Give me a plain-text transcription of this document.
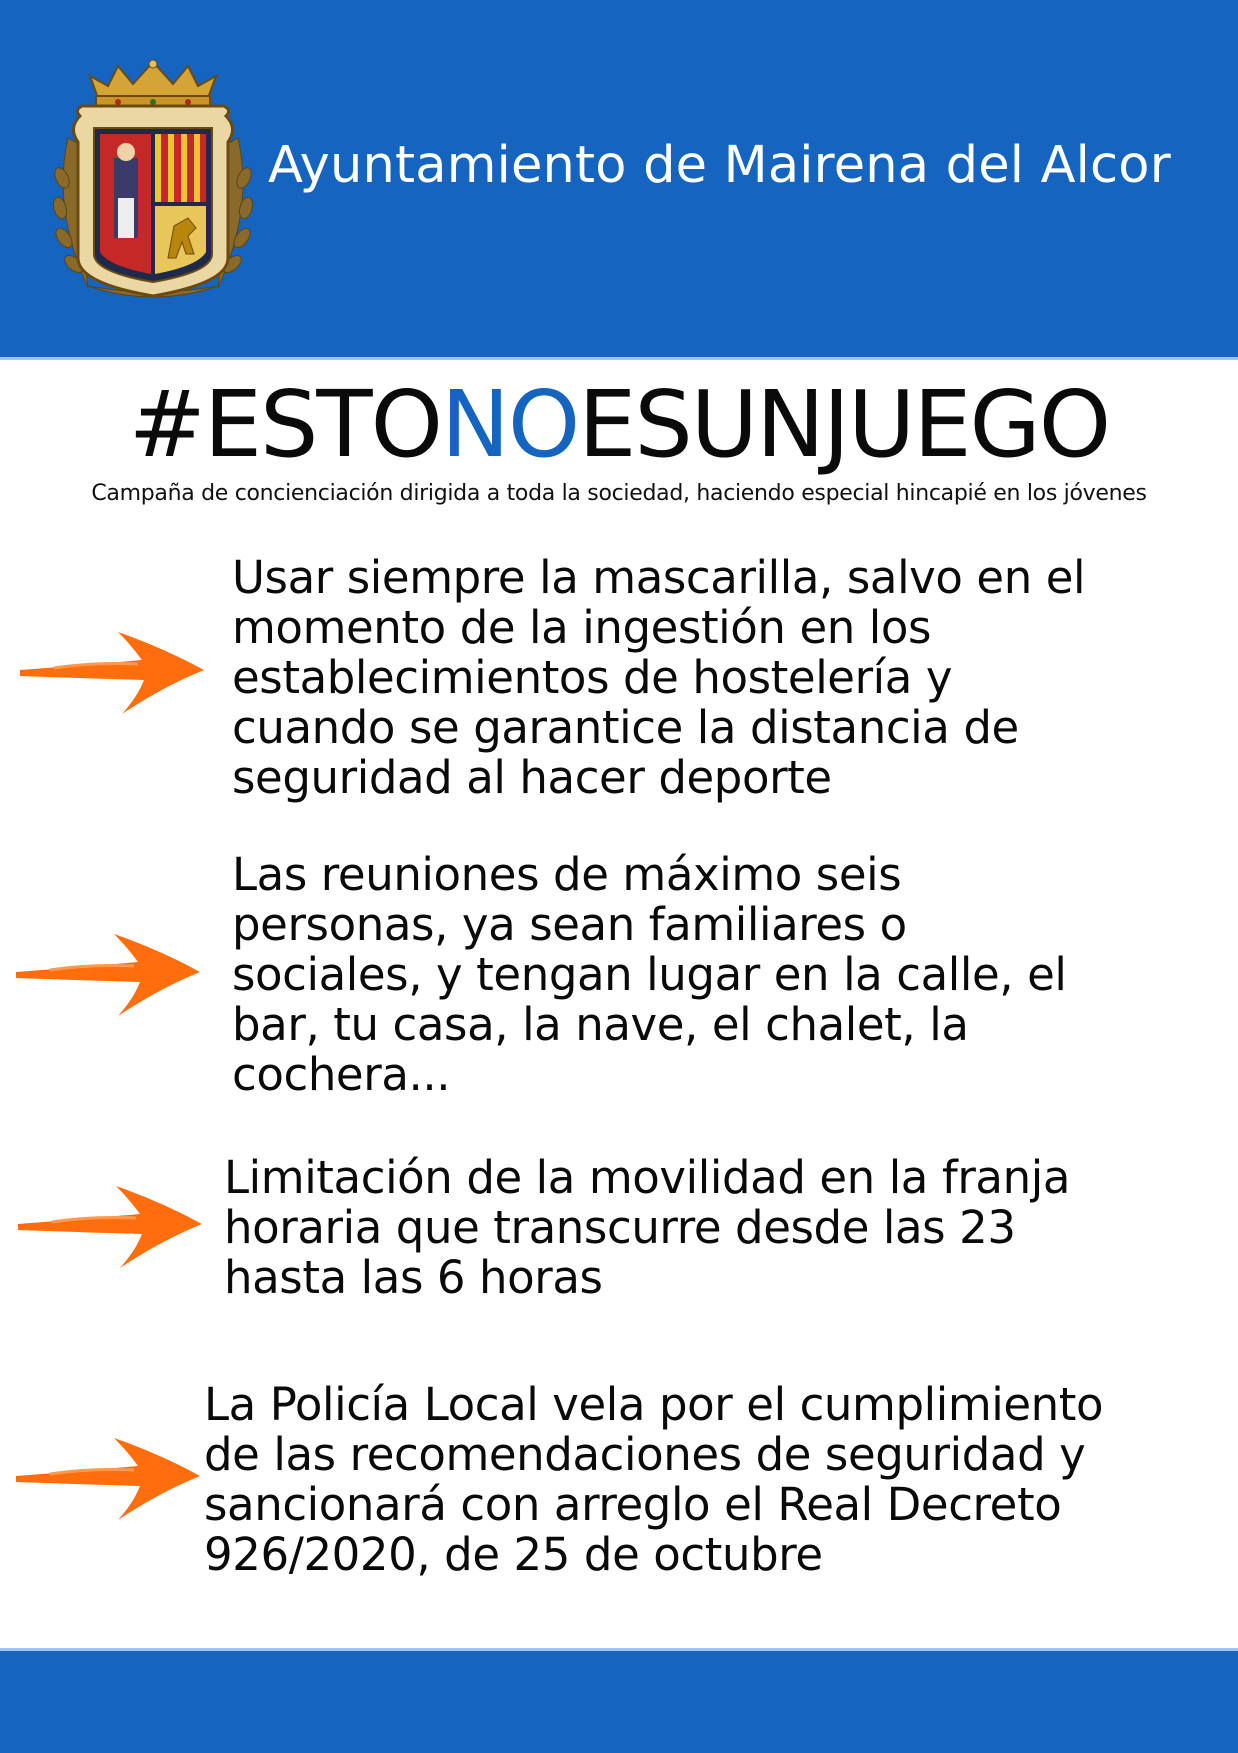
Ayuntamiento de Mairena del Alcor
#ESTONOESUNJUEGO
Campaña de concienciación dirigida a toda la sociedad, haciendo especial hincapié en los jóvenes
Usar siempre la mascarilla, salvo en el
momento de la ingestión en los
establecimientos de hostelería y
cuando se garantice la distancia de
seguridad al hacer deporte
Las reuniones de máximo seis
personas, ya sean familiares o
sociales, y tengan lugar en la calle, el
bar, tu casa, la nave, el chalet, la
cochera...
Limitación de la movilidad en la franja
horaria que transcurre desde las 23
hasta las 6 horas
La Policía Local vela por el cumplimiento
de las recomendaciones de seguridad y
sancionará con arreglo el Real Decreto
926/2020, de 25 de octubre
